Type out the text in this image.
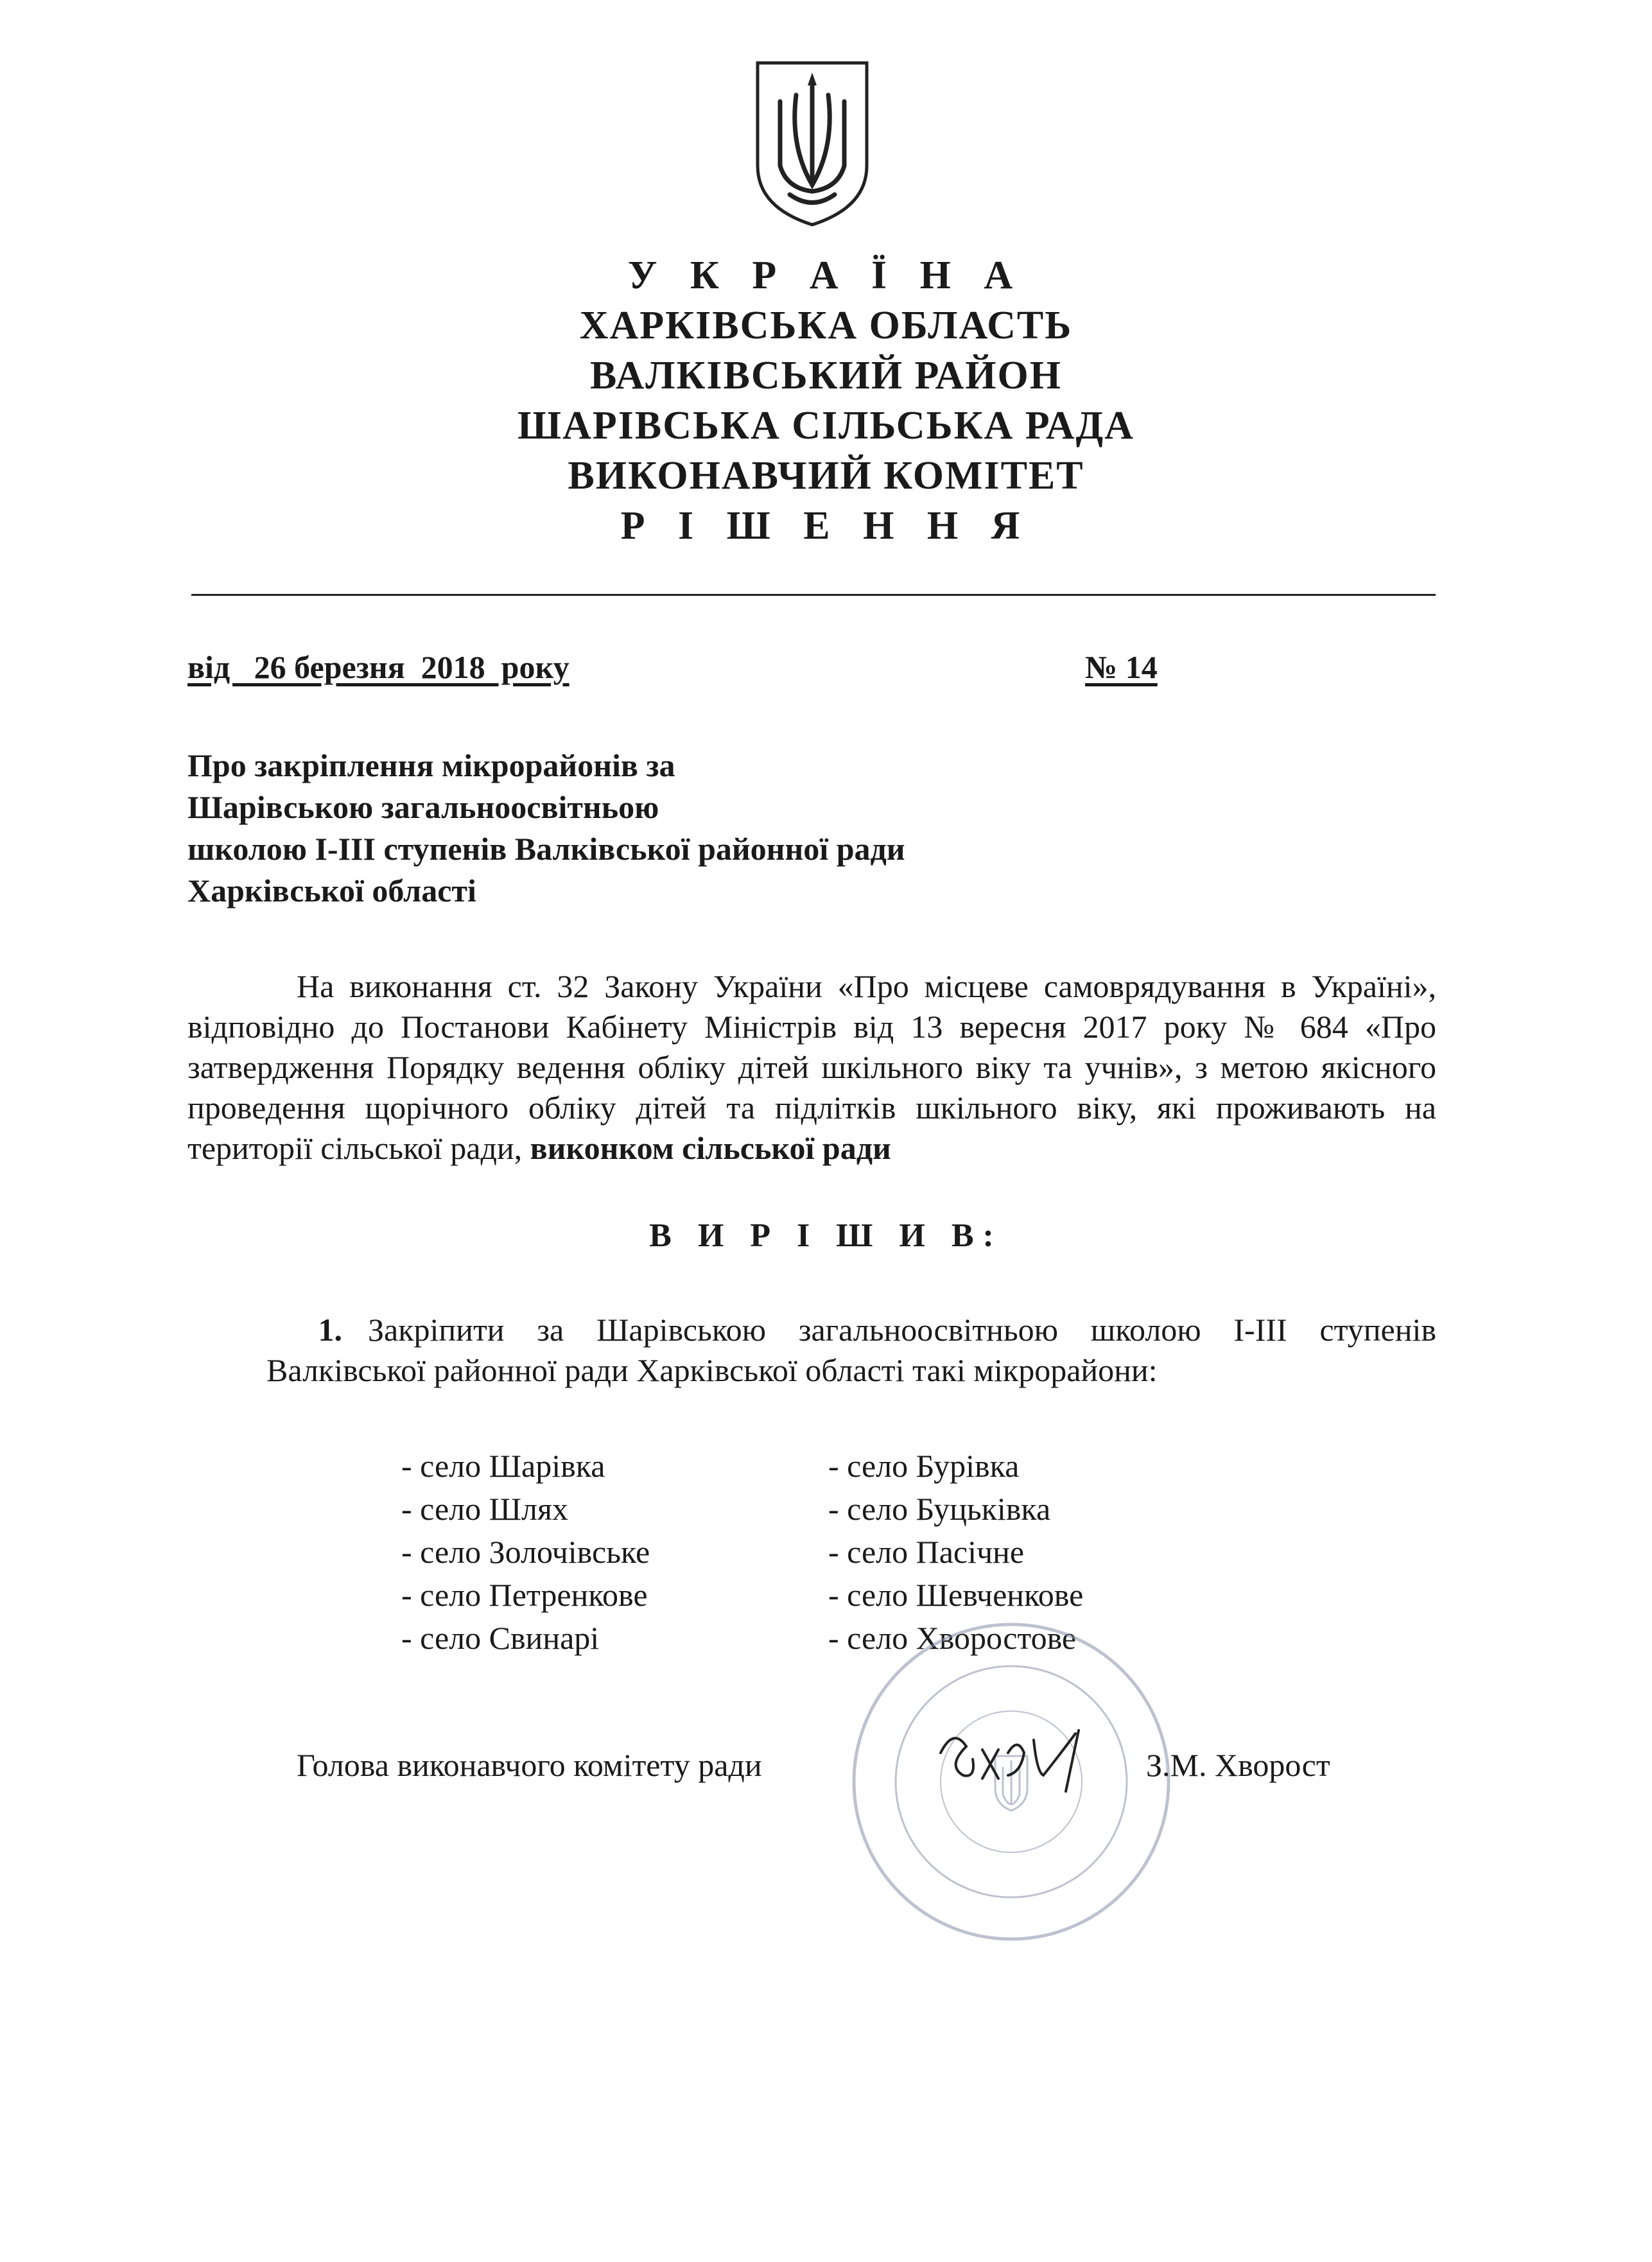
У К Р А Ї Н А
ХАРКІВСЬКА ОБЛАСТЬ
ВАЛКІВСЬКИЙ РАЙОН
ШАРІВСЬКА СІЛЬСЬКА РАДА
ВИКОНАВЧИЙ КОМІТЕТ
Р І Ш Е Н Н Я
від   26 березня  2018  року	№ 14
Про закріплення мікрорайонів за
Шарівською загальноосвітньою
школою І-ІІІ ступенів Валківської районної ради
Харківської області
На виконання ст. 32 Закону України «Про місцеве самоврядування в Україні», відповідно до Постанови Кабінету Міністрів від 13 вересня 2017 року № 684 «Про затвердження Порядку ведення обліку дітей шкільного віку та учнів», з метою якісного проведення щорічного обліку дітей та підлітків шкільного віку, які проживають на території сільської ради, виконком сільської ради
В И Р І Ш И В:
1. Закріпити за Шарівською загальноосвітньою школою І-ІІІ ступенів Валківської районної ради Харківської області такі мікрорайони:
- село Шарівка	- село Бурівка
- село Шлях	- село Буцьківка
- село Золочівське	- село Пасічне
- село Петренкове	- село Шевченкове
- село Свинарі	- село Хворостове
Голова виконавчого комітету ради	З.М. Хворост
